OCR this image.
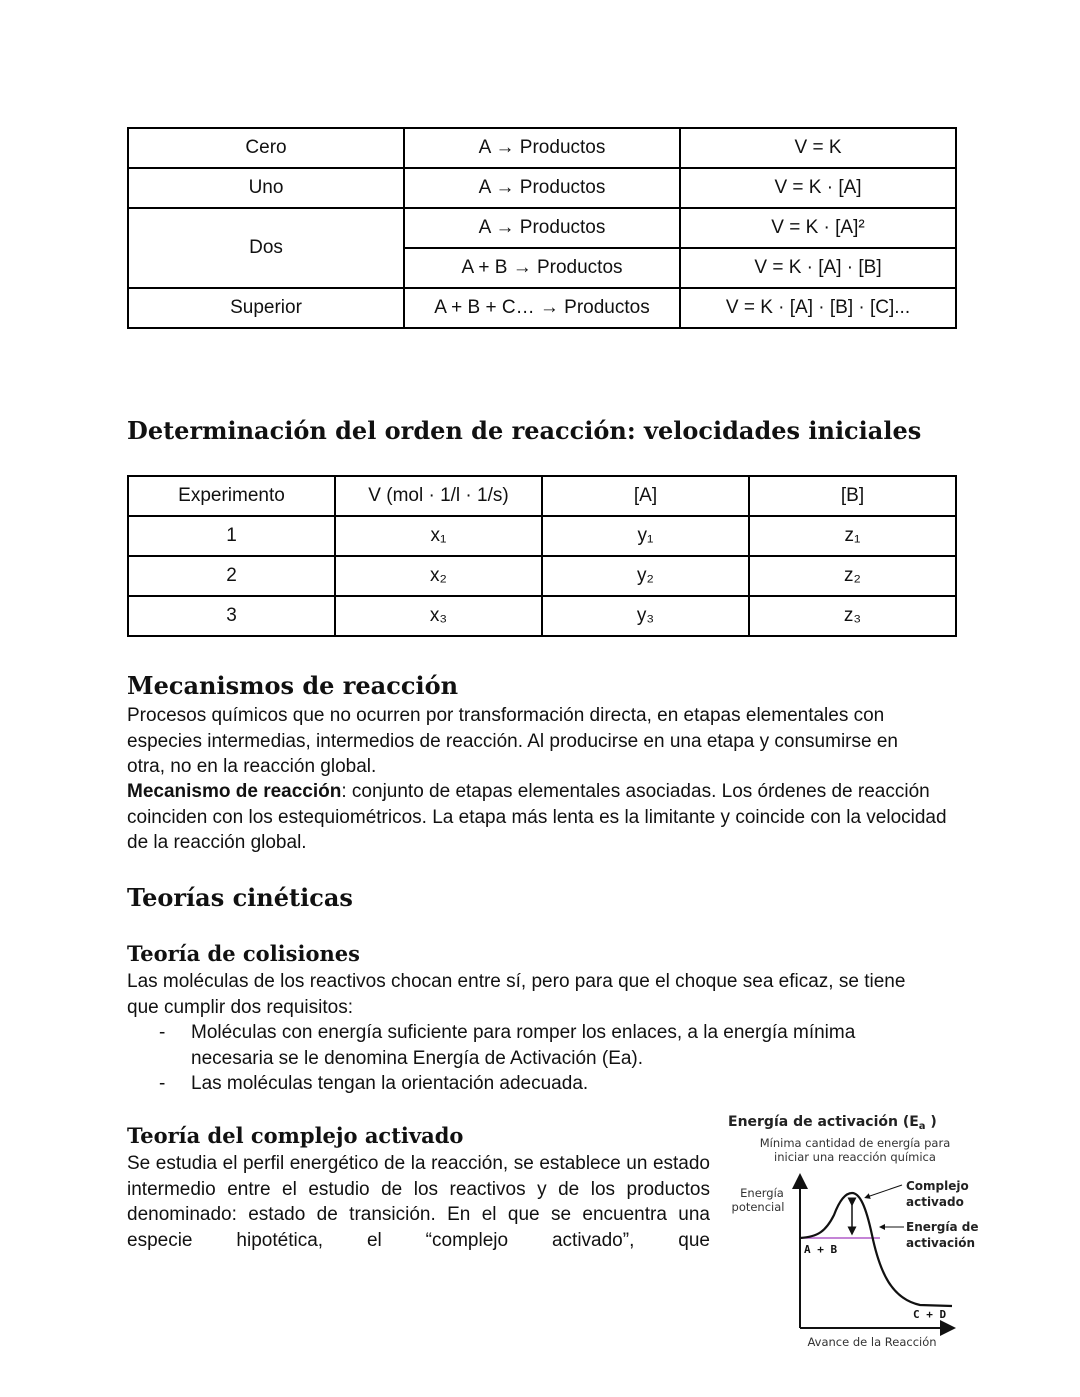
Cero	A → Productos	V = K
Uno	A → Productos	V = K · [A]
Dos	A → Productos	V = K · [A]²
	A + B → Productos	V = K · [A] · [B]
Superior	A + B + C… → Productos	V = K · [A] · [B] · [C]...
Determinación del orden de reacción: velocidades iniciales
Experimento	V (mol · 1/l · 1/s)	[A]	[B]
1	x₁	y₁	z₁
2	x₂	y₂	z₂
3	x₃	y₃	z₃
Mecanismos de reacción

Procesos químicos que no ocurren por transformación directa, en etapas elementales con especies intermedias, intermedios de reacción. Al producirse en una etapa y consumirse en otra, no en la reacción global.

Mecanismo de reacción: conjunto de etapas elementales asociadas. Los órdenes de reacción coinciden con los estequiométricos. La etapa más lenta es la limitante y coincide con la velocidad de la reacción global.

Teorías cinéticas
Teoría de colisiones

Las moléculas de los reactivos chocan entre sí, pero para que el choque sea eficaz, se tiene que cumplir dos requisitos:

- Moléculas con energía suficiente para romper los enlaces, a la energía mínima necesaria se le denomina Energía de Activación (Ea).
- Las moléculas tengan la orientación adecuada.
Teoría del complejo activado

Se estudia el perfil energético de la reacción, se establece un estado intermedio entre el estudio de los reactivos y de los productos denominado: estado de transición. En el que se encuentra una especie hipotética, el “complejo activado”, que

Energía de activación ($E_a$ )
Mínima cantidad de energía para
iniciar una reacción química
Energía
potencial
A + B
C + D
Complejo
activado
Energía de
activación
Avance de la Reacción
